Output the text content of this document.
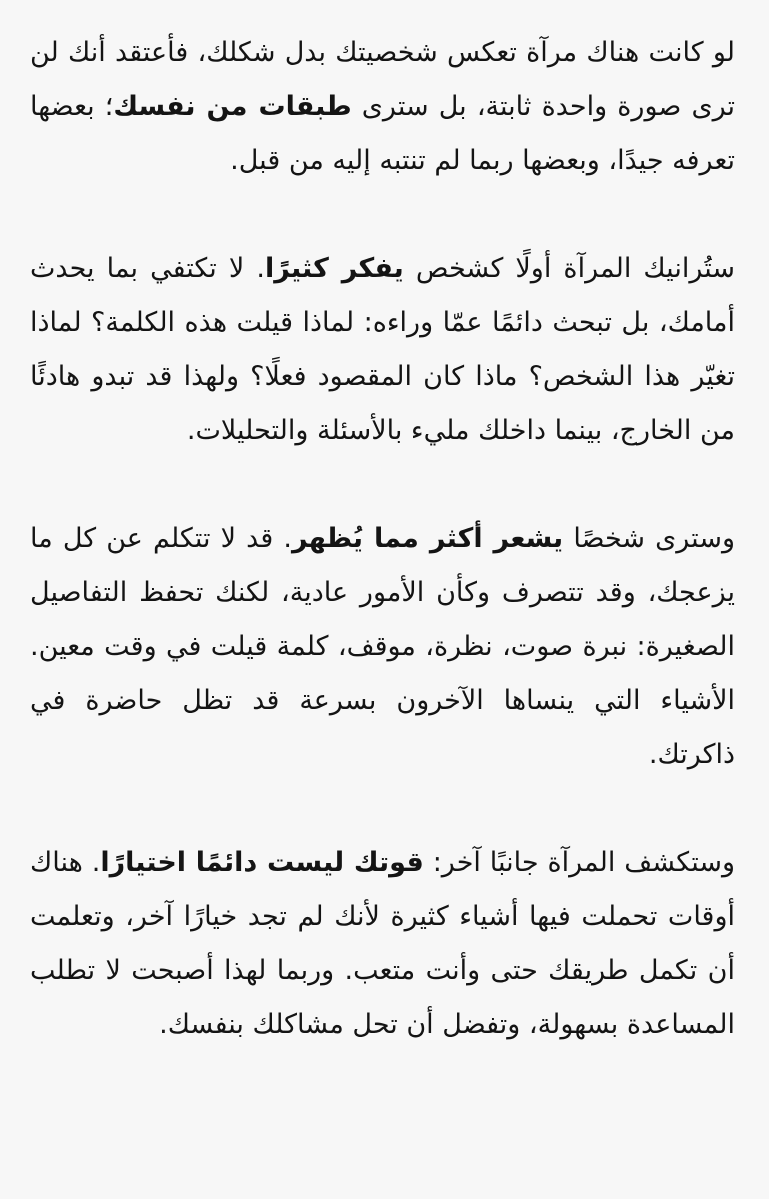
لو كانت هناك مرآة تعكس شخصيتك بدل شكلك، فأعتقد أنك لن ترى صورة واحدة ثابتة، بل سترى طبقات من نفسك؛ بعضها تعرفه جيدًا، وبعضها ربما لم تنتبه إليه من قبل.

ستُرانيك المرآة أولًا كشخص يفكر كثيرًا. لا تكتفي بما يحدث أمامك، بل تبحث دائمًا عمّا وراءه: لماذا قيلت هذه الكلمة؟ لماذا تغيّر هذا الشخص؟ ماذا كان المقصود فعلًا؟ ولهذا قد تبدو هادئًا من الخارج، بينما داخلك مليء بالأسئلة والتحليلات.

وسترى شخصًا يشعر أكثر مما يُظهر. قد لا تتكلم عن كل ما يزعجك، وقد تتصرف وكأن الأمور عادية، لكنك تحفظ التفاصيل الصغيرة: نبرة صوت، نظرة، موقف، كلمة قيلت في وقت معين. الأشياء التي ينساها الآخرون بسرعة قد تظل حاضرة في ذاكرتك.

وستكشف المرآة جانبًا آخر: قوتك ليست دائمًا اختيارًا. هناك أوقات تحملت فيها أشياء كثيرة لأنك لم تجد خيارًا آخر، وتعلمت أن تكمل طريقك حتى وأنت متعب. وربما لهذا أصبحت لا تطلب المساعدة بسهولة، وتفضل أن تحل مشاكلك بنفسك.
